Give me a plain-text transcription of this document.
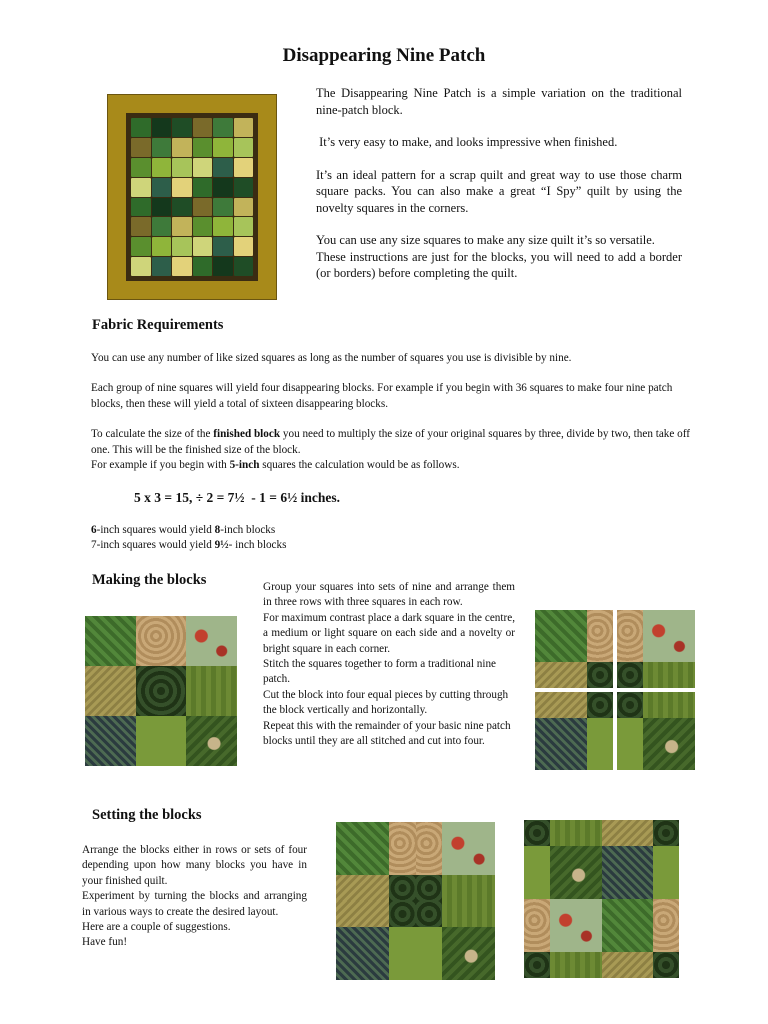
Disappearing Nine Patch

The Disappearing Nine Patch is a simple variation on the traditional nine-patch block.

It’s very easy to make, and looks impressive when finished.

It’s an ideal pattern for a scrap quilt and great way to use those charm square packs. You can also make a great “I Spy” quilt by using the novelty squares in the corners.

You can use any size squares to make any size quilt it’s so versatile.

These instructions are just for the blocks, you will need to add a border (or borders) before completing the quilt.

Fabric Requirements

You can use any number of like sized squares as long as the number of squares you use is divisible by nine.

Each group of nine squares will yield four disappearing blocks. For example if you begin with 36 squares to make four nine patch blocks, then these will yield a total of sixteen disappearing blocks.

To calculate the size of the finished block you need to multiply the size of your original squares by three, divide by two, then take off one. This will be the finished size of the block.

For example if you begin with 5-inch squares the calculation would be as follows.

5 x 3 = 15, ÷ 2 = 7½  - 1 = 6½ inches.

6-inch squares would yield 8-inch blocks

7-inch squares would yield 9½- inch blocks

Making the blocks	Group your squares into sets of nine and arrange them in three rows with three squares in each row.

For maximum contrast place a dark square in the centre, a medium or light square on each side and a novelty or bright square in each corner.

Stitch the squares together to form a traditional nine patch.

Cut the block into four equal pieces by cutting through the block vertically and horizontally.

Repeat this with the remainder of your basic nine patch blocks until they are all stitched and cut into four.

Setting the blocks

Arrange the blocks either in rows or sets of four depending upon how many blocks you have in your finished quilt.

Experiment by turning the blocks and arranging in various ways to create the desired layout.

Here are a couple of suggestions.

Have fun!
